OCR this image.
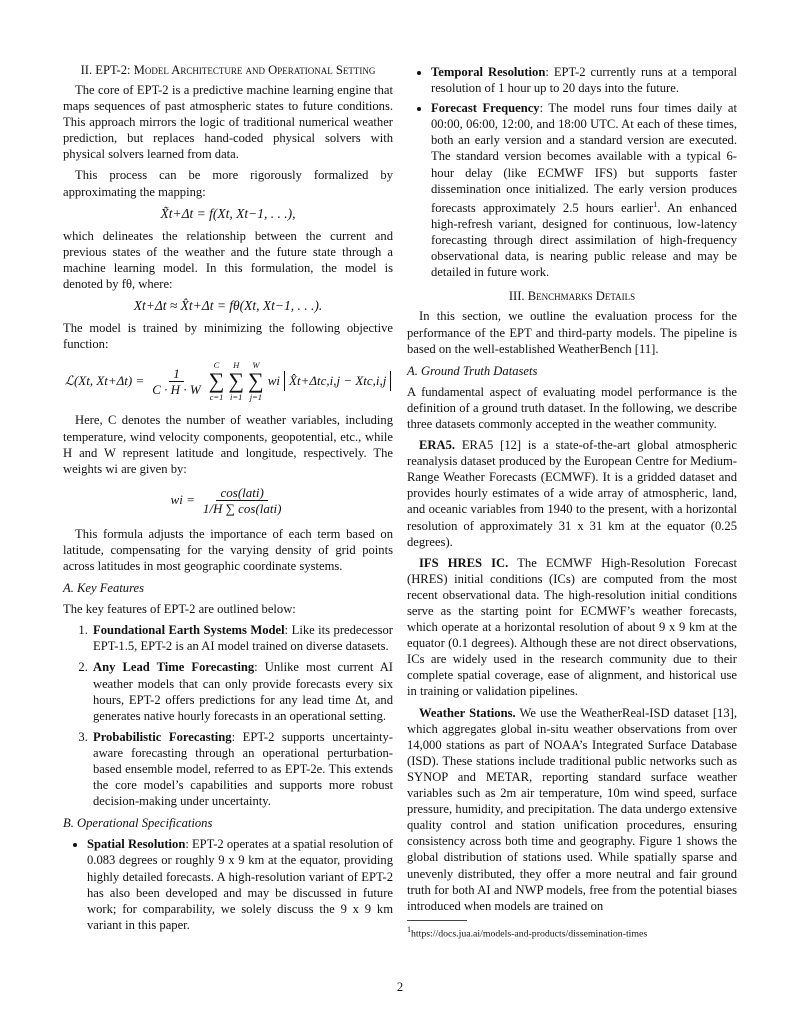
II. EPT-2: Model Architecture and Operational Setting

The core of EPT-2 is a predictive machine learning engine that maps sequences of past atmospheric states to future conditions. This approach mirrors the logic of traditional numerical weather prediction, but replaces hand-coded physical solvers with physical solvers learned from data.

This process can be more rigorously formalized by approximating the mapping:

X̃t+Δt = f(Xt, Xt−1, . . .),

which delineates the relationship between the current and previous states of the weather and the future state through a machine learning model. In this formulation, the model is denoted by fθ, where:

Xt+Δt ≈ X̂t+Δt = fθ(Xt, Xt−1, . . .).

The model is trained by minimizing the following objective function:

ℒ(Xt, $Xt+\Delta t) = \frac{1}{C \cdot H \cdot W}$
C
∑
c=1
H
∑
i=1
W
∑
j=1
wi X̂t+Δtc,i,j − Xtc,i,j

Here, C denotes the number of weather variables, including temperature, wind velocity components, geopotential, etc., while H and W represent latitude and longitude, respectively. The weights wi are given by:

wi = $\frac{\text{cos(lati)}}{\text{1/H ∑ cos(lati)}}$

This formula adjusts the importance of each term based on latitude, compensating for the varying density of grid points across latitudes in most geographic coordinate systems.

A. Key Features

The key features of EPT-2 are outlined below:

1. Foundational Earth Systems Model: Like its predecessor EPT-1.5, EPT-2 is an AI model trained on diverse datasets.
2. Any Lead Time Forecasting: Unlike most current AI weather models that can only provide forecasts every six hours, EPT-2 offers predictions for any lead time Δt, and generates native hourly forecasts in an operational setting.
3. Probabilistic Forecasting: EPT-2 supports uncertainty-aware forecasting through an operational perturbation-based ensemble model, referred to as EPT-2e. This extends the core model’s capabilities and supports more robust decision-making under uncertainty.
B. Operational Specifications
• Spatial Resolution: EPT-2 operates at a spatial resolution of 0.083 degrees or roughly 9 x 9 km at the equator, providing highly detailed forecasts. A high-resolution variant of EPT-2 has also been developed and may be discussed in future work; for comparability, we solely discuss the 9 x 9 km variant in this paper.
• Temporal Resolution: EPT-2 currently runs at a temporal resolution of 1 hour up to 20 days into the future.
• Forecast Frequency: The model runs four times daily at 00:00, 06:00, 12:00, and 18:00 UTC. At each of these times, both an early version and a standard version are executed. The standard version becomes available with a typical 6-hour delay (like ECMWF IFS) but supports faster dissemination once initialized. The early version produces forecasts approximately 2.5 hours earlier$^1$. An enhanced high-refresh variant, designed for continuous, low-latency forecasting through direct assimilation of high-frequency observational data, is nearing public release and may be detailed in future work.
III. Benchmarks Details

In this section, we outline the evaluation process for the performance of the EPT and third-party models. The pipeline is based on the well-established WeatherBench [11].

A. Ground Truth Datasets

A fundamental aspect of evaluating model performance is the definition of a ground truth dataset. In the following, we describe three datasets commonly accepted in the weather community.

ERA5. ERA5 [12] is a state-of-the-art global atmospheric reanalysis dataset produced by the European Centre for Medium-Range Weather Forecasts (ECMWF). It is a gridded dataset and provides hourly estimates of a wide array of atmospheric, land, and oceanic variables from 1940 to the present, with a horizontal resolution of approximately 31 x 31 km at the equator (0.25 degrees).

IFS HRES IC. The ECMWF High-Resolution Forecast (HRES) initial conditions (ICs) are computed from the most recent observational data. The high-resolution initial conditions serve as the starting point for ECMWF’s weather forecasts, which operate at a horizontal resolution of about 9 x 9 km at the equator (0.1 degrees). Although these are not direct observations, ICs are widely used in the research community due to their complete spatial coverage, ease of alignment, and historical use in training or validation pipelines.

Weather Stations. We use the WeatherReal-ISD dataset [13], which aggregates global in-situ weather observations from over 14,000 stations as part of NOAA’s Integrated Surface Database (ISD). These stations include traditional public networks such as SYNOP and METAR, reporting standard surface weather variables such as 2m air temperature, 10m wind speed, surface pressure, humidity, and precipitation. The data undergo extensive quality control and station unification procedures, ensuring consistency across both time and geography. Figure 1 shows the global distribution of stations used. While spatially sparse and unevenly distributed, they offer a more neutral and fair ground truth for both AI and NWP models, free from the potential biases introduced when models are trained on

$^1$https://docs.jua.ai/models-and-products/dissemination-times
2
